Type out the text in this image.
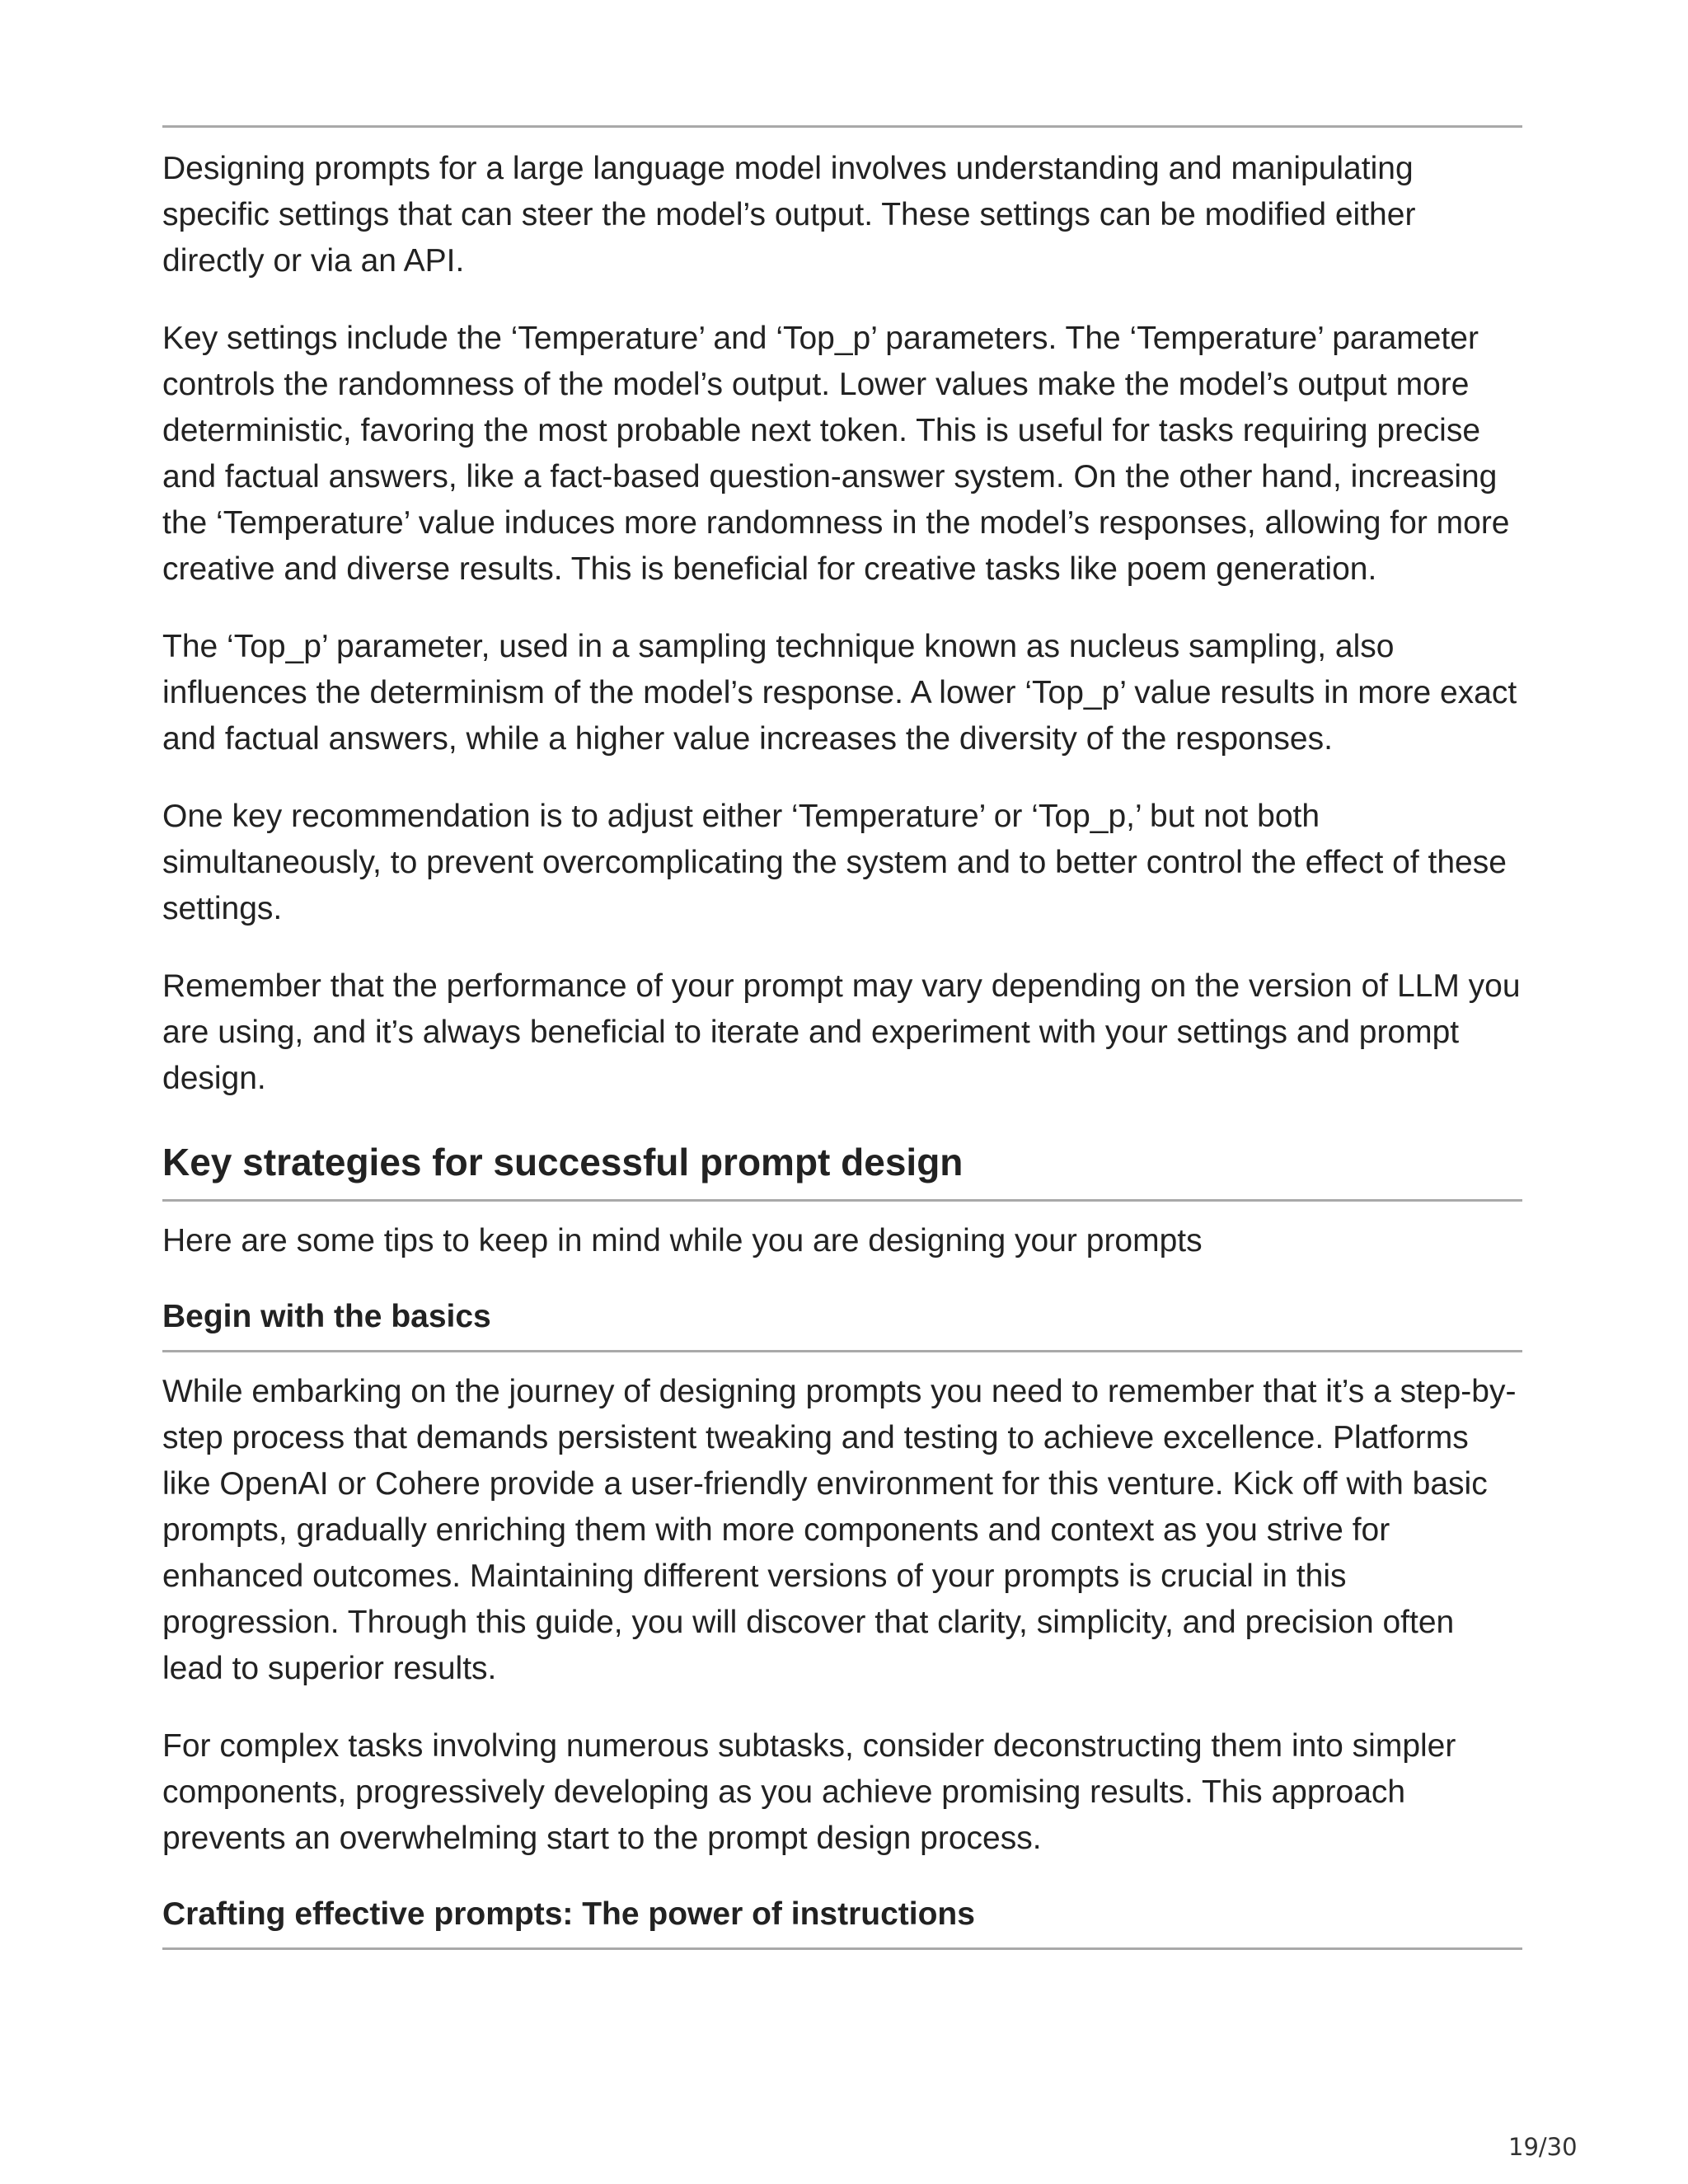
Designing prompts for a large language model involves understanding and manipulating specific settings that can steer the model’s output. These settings can be modified either directly or via an API.

Key settings include the ‘Temperature’ and ‘Top_p’ parameters. The ‘Temperature’ parameter controls the randomness of the model’s output. Lower values make the model’s output more deterministic, favoring the most probable next token. This is useful for tasks requiring precise and factual answers, like a fact-based question-answer system. On the other hand, increasing the ‘Temperature’ value induces more randomness in the model’s responses, allowing for more creative and diverse results. This is beneficial for creative tasks like poem generation.

The ‘Top_p’ parameter, used in a sampling technique known as nucleus sampling, also influences the determinism of the model’s response. A lower ‘Top_p’ value results in more exact and factual answers, while a higher value increases the diversity of the responses.

One key recommendation is to adjust either ‘Temperature’ or ‘Top_p,’ but not both simultaneously, to prevent overcomplicating the system and to better control the effect of these settings.

Remember that the performance of your prompt may vary depending on the version of LLM you are using, and it’s always beneficial to iterate and experiment with your settings and prompt design.

Key strategies for successful prompt design

Here are some tips to keep in mind while you are designing your prompts

Begin with the basics

While embarking on the journey of designing prompts you need to remember that it’s a step-by-step process that demands persistent tweaking and testing to achieve excellence. Platforms like OpenAI or Cohere provide a user-friendly environment for this venture. Kick off with basic prompts, gradually enriching them with more components and context as you strive for enhanced outcomes. Maintaining different versions of your prompts is crucial in this progression. Through this guide, you will discover that clarity, simplicity, and precision often lead to superior results.

For complex tasks involving numerous subtasks, consider deconstructing them into simpler components, progressively developing as you achieve promising results. This approach prevents an overwhelming start to the prompt design process.

Crafting effective prompts: The power of instructions
19/30
